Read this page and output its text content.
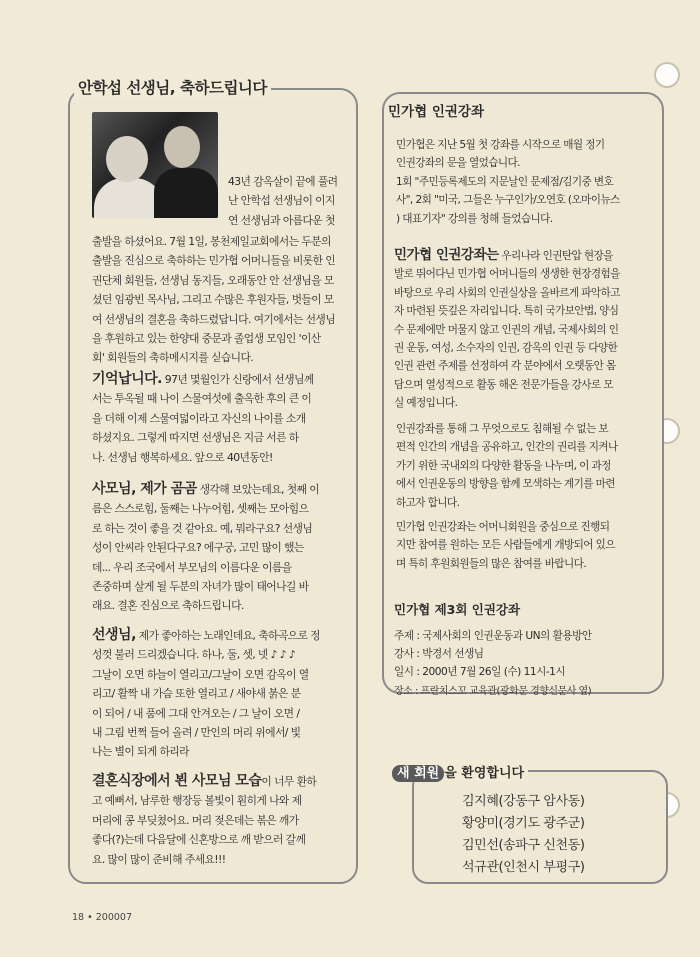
안학섭 선생님, 축하드립니다
43년 감옥살이 끝에 풀려
난 안학섭 선생님이 이지
연 선생님과 아름다운 첫
출발을 하셨어요. 7월 1일, 봉천제일교회에서는 두분의
출발을 진심으로 축하하는 민가협 어머니들을 비롯한 인
권단체 회원들, 선생님 동지들, 오래동안 안 선생님을 모
셨던 임광빈 목사님, 그리고 수많은 후원자들, 벗들이 모
여 선생님의 결혼을 축하드렸답니다. 여기에서는 선생님
을 후원하고 있는 한양대 중문과 졸업생 모임인 '이산
회' 회원들의 축하메시지를 싣습니다.
기억납니다. 97년 몇월인가 신랑에서 선생님께
서는 투옥될 때 나이 스물여섯에 출옥한 후의 큰 이
을 더해 이제 스물여덟이라고 자신의 나이를 소개
하셨지요. 그렇게 따지면 선생님은 지금 서른 하
나. 선생님 행복하세요. 앞으로 40년동안!
사모님, 제가 곰곰 생각해 보았는데요, 첫째 이
름은 스스로힘, 둘째는 나누어힘, 셋째는 모아힘으
로 하는 것이 좋을 것 같아요. 예, 뭐라구요? 선생님
성이 안씨라 안된다구요? 에구궁, 고민 많이 했는
데... 우리 조국에서 부모님의 이름다운 이름을
존중하며 살게 될 두분의 자녀가 많이 태어나길 바
래요. 결혼 진심으로 축하드립니다.
선생님, 제가 좋아하는 노래인데요, 축하곡으로 정
성껏 불러 드리겠습니다. 하나, 둘, 셋, 넷 ♪ ♪ ♪
그날이 오면 하늘이 열리고/그날이 오면 감옥이 열
리고/ 활짝 내 가슴 또한 열리고 / 새야새 붉은 분
이 되어 / 내 품에 그대 안겨오는 / 그 날이 오면 /
내 그림 번쩍 들어 올려 / 만인의 머리 위에서/ 빛
나는 별이 되게 하리라
결혼식장에서 뵌 사모님 모습이 너무 환하
고 예뻐서, 남루한 행장등 볼빛이 훤히게 나와 제
머리에 콩 부딪쳤어요. 머리 젖은데는 볶은 깨가
좋다(?)는데 다음달에 신혼방으로 깨 받으러 갈께
요. 많이 많이 준비해 주세요!!!
민가협 인권강좌
민가협은 지난 5월 첫 강좌를 시작으로 매월 정기
인권강좌의 문을 열었습니다.
1회 "주민등록제도의 지문날인 문제점/김기중 변호
사", 2회 "미국, 그들은 누구인가/오연호 (오마이뉴스
) 대표기자" 강의를 청해 들었습니다.
민가협 인권강좌는 우리나라 인권탄압 현장을
발로 뛰어다닌 민가협 어머니들의 생생한 현장경험을
바탕으로 우리 사회의 인권실상을 올바르게 파악하고
자 마련된 뜻깊은 자리입니다. 특히 국가보안법, 양심
수 문제에만 머물지 않고 인권의 개념, 국제사회의 인
권 운동, 여성, 소수자의 인권, 감옥의 인권 등 다양한
인권 관련 주제를 선정하여 각 분야에서 오랫동안 몸
담으며 열성적으로 활동 해온 전문가들을 강사로 모
실 예정입니다.
인권강좌를 통해 그 무엇으로도 침해될 수 없는 보
편적 인간의 개념을 공유하고, 인간의 권리를 지켜나
가기 위한 국내외의 다양한 활동을 나누며, 이 과정
에서 인권운동의 방향을 함께 모색하는 계기를 마련
하고자 합니다.
민가협 인권강좌는 어머니회원을 중심으로 진행되
지만 참여를 원하는 모든 사람들에게 개방되어 있으
며 특히 후원회원들의 많은 참여를 바랍니다.
민가협 제3회 인권강좌
주제 : 국제사회의 인권운동과 UN의 활용방안
강사 : 박경서 선생님
일시 : 2000년 7월 26일 (수) 11시-1시
장소 : 프란치스꼬 교육관(광화문 경향신문사 옆)
새 회원 을 환영합니다
김지혜(강동구 암사동)
황양미(경기도 광주군)
김민선(송파구 신천동)
석규관(인천시 부평구)
18 • 200007
